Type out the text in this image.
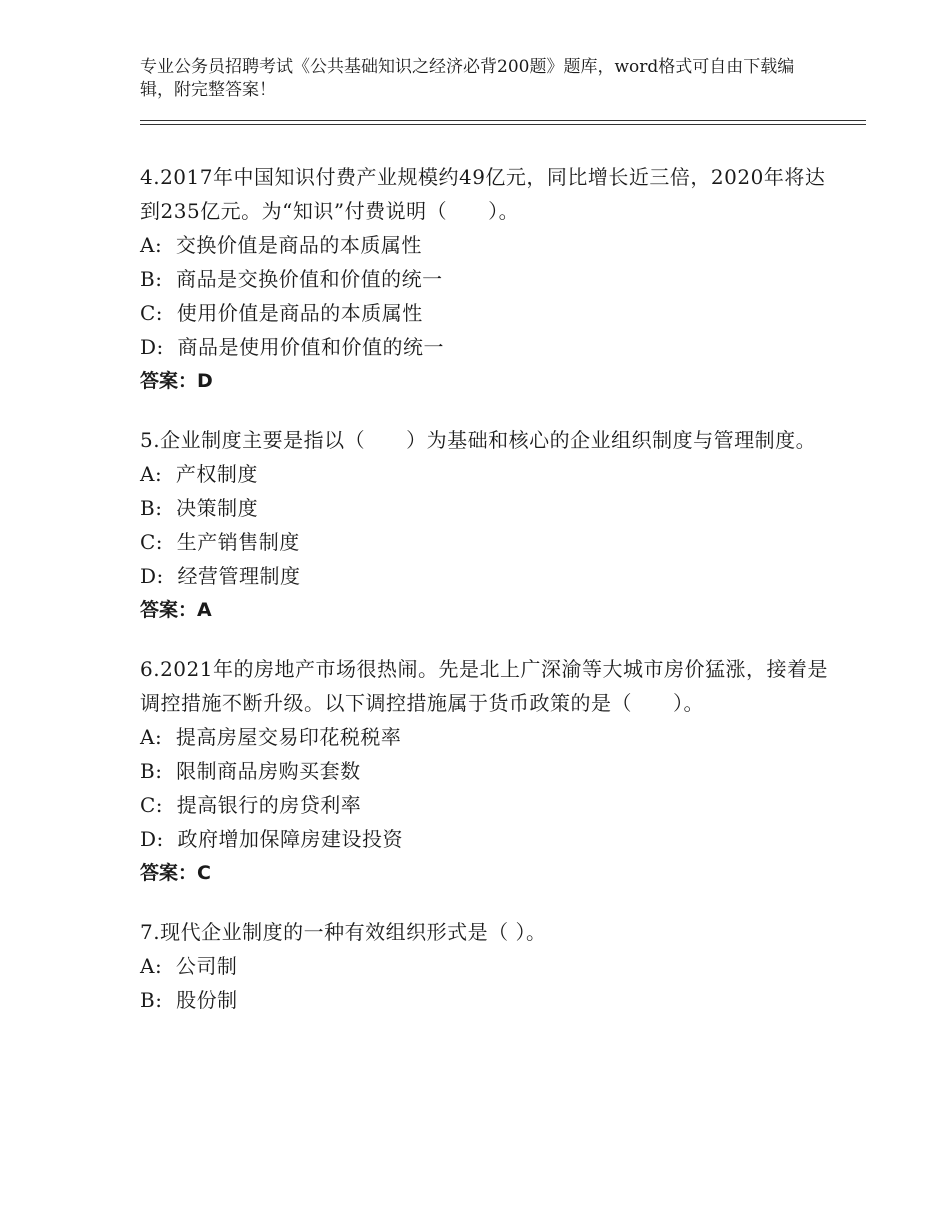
专业公务员招聘考试《公共基础知识之经济必背200题》题库，word格式可自由下载编辑，附完整答案！
4.2017年中国知识付费产业规模约49亿元，同比增长近三倍，2020年将达到235亿元。为“知识”付费说明（　　）。
A:  交换价值是商品的本质属性
B:  商品是交换价值和价值的统一
C:  使用价值是商品的本质属性
D:  商品是使用价值和价值的统一
答案：D
5.企业制度主要是指以（　　）为基础和核心的企业组织制度与管理制度。
A:  产权制度
B:  决策制度
C:  生产销售制度
D:  经营管理制度
答案：A
6.2021年的房地产市场很热闹。先是北上广深渝等大城市房价猛涨，接着是调控措施不断升级。以下调控措施属于货币政策的是（　　）。
A:  提高房屋交易印花税税率
B:  限制商品房购买套数
C:  提高银行的房贷利率
D:  政府增加保障房建设投资
答案：C
7.现代企业制度的一种有效组织形式是（ ）。
A:  公司制
B:  股份制
